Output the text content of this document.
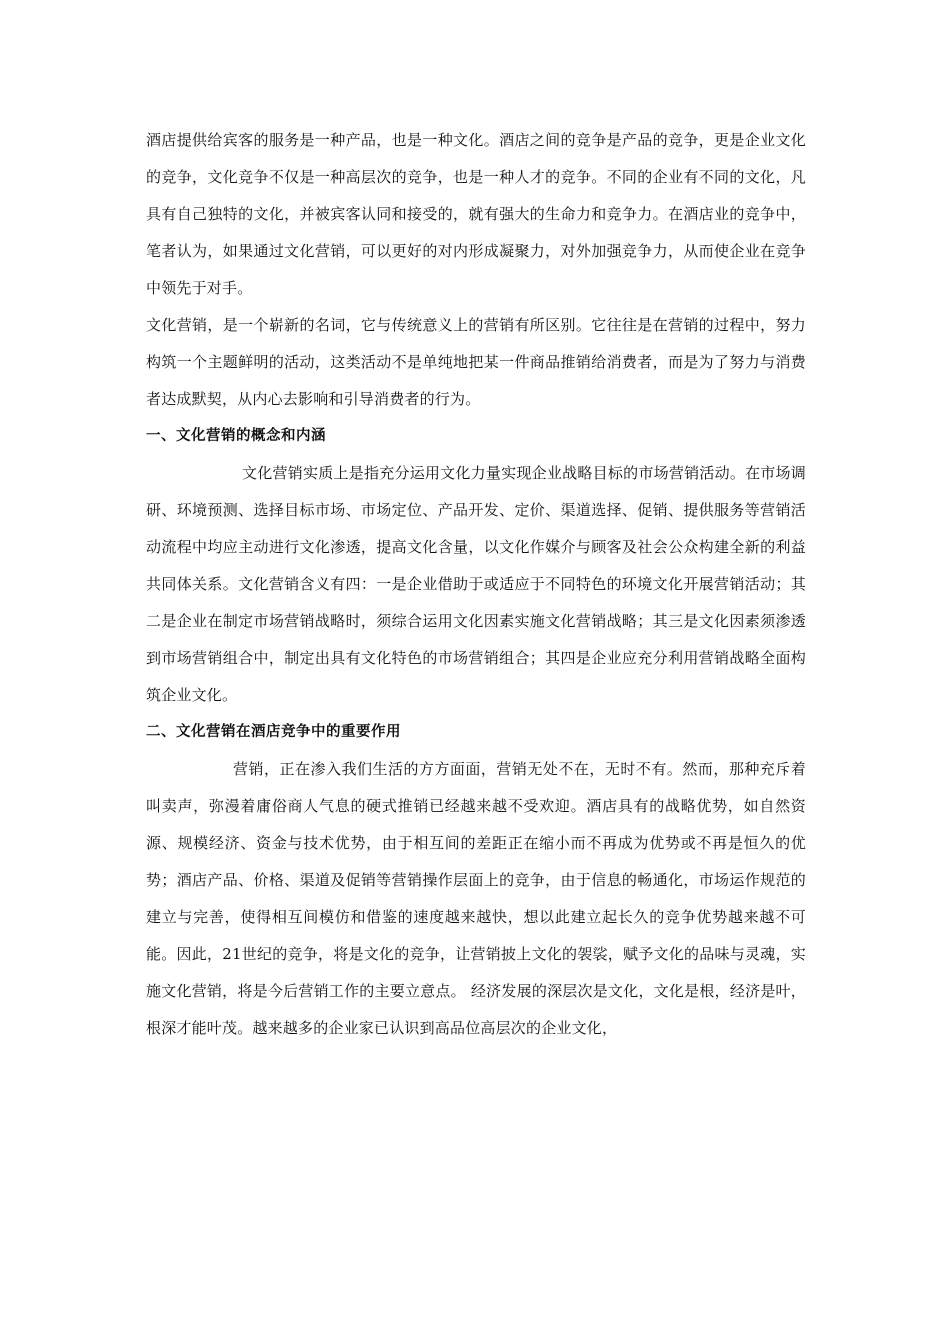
酒店提供给宾客的服务是一种产品，也是一种文化。酒店之间的竞争是产品的竞争，更是企业文化的竞争，文化竞争不仅是一种高层次的竞争，也是一种人才的竞争。不同的企业有不同的文化，凡具有自己独特的文化，并被宾客认同和接受的，就有强大的生命力和竞争力。在酒店业的竞争中，笔者认为，如果通过文化营销，可以更好的对内形成凝聚力，对外加强竞争力，从而使企业在竞争中领先于对手。

文化营销，是一个崭新的名词，它与传统意义上的营销有所区别。它往往是在营销的过程中，努力构筑一个主题鲜明的活动，这类活动不是单纯地把某一件商品推销给消费者，而是为了努力与消费者达成默契，从内心去影响和引导消费者的行为。

一、文化营销的概念和内涵

文化营销实质上是指充分运用文化力量实现企业战略目标的市场营销活动。在市场调研、环境预测、选择目标市场、市场定位、产品开发、定价、渠道选择、促销、提供服务等营销活动流程中均应主动进行文化渗透，提高文化含量，以文化作媒介与顾客及社会公众构建全新的利益共同体关系。文化营销含义有四：一是企业借助于或适应于不同特色的环境文化开展营销活动；其二是企业在制定市场营销战略时，须综合运用文化因素实施文化营销战略；其三是文化因素须渗透到市场营销组合中，制定出具有文化特色的市场营销组合；其四是企业应充分利用营销战略全面构筑企业文化。

二、文化营销在酒店竞争中的重要作用

营销，正在渗入我们生活的方方面面，营销无处不在，无时不有。然而，那种充斥着叫卖声，弥漫着庸俗商人气息的硬式推销已经越来越不受欢迎。酒店具有的战略优势，如自然资源、规模经济、资金与技术优势，由于相互间的差距正在缩小而不再成为优势或不再是恒久的优势；酒店产品、价格、渠道及促销等营销操作层面上的竞争，由于信息的畅通化，市场运作规范的建立与完善，使得相互间模仿和借鉴的速度越来越快，想以此建立起长久的竞争优势越来越不可能。因此，21世纪的竞争，将是文化的竞争，让营销披上文化的袈裟，赋予文化的品味与灵魂，实施文化营销，将是今后营销工作的主要立意点。 经济发展的深层次是文化，文化是根，经济是叶，根深才能叶茂。越来越多的企业家已认识到高品位高层次的企业文化，
